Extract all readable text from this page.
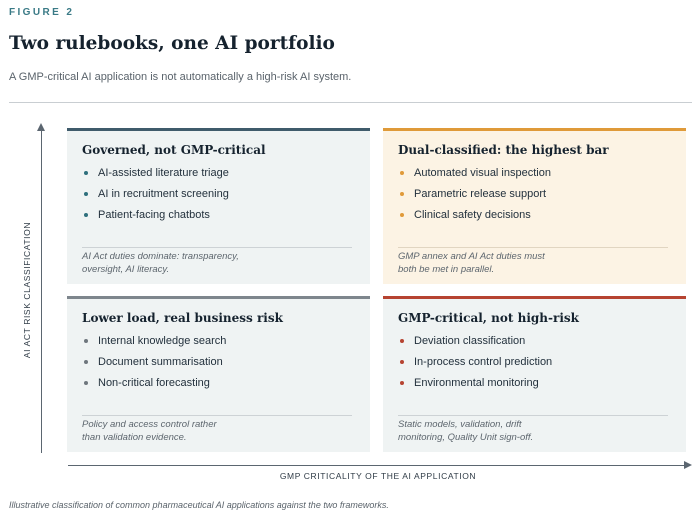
FIGURE 2
Two rulebooks, one AI portfolio
A GMP-critical AI application is not automatically a high-risk AI system.
AI ACT RISK CLASSIFICATION
Governed, not GMP-critical
AI-assisted literature triage
AI in recruitment screening
Patient-facing chatbots
AI Act duties dominate: transparency,
oversight, AI literacy.
Dual-classified: the highest bar
Automated visual inspection
Parametric release support
Clinical safety decisions
GMP annex and AI Act duties must
both be met in parallel.
Lower load, real business risk
Internal knowledge search
Document summarisation
Non-critical forecasting
Policy and access control rather
than validation evidence.
GMP-critical, not high-risk
Deviation classification
In-process control prediction
Environmental monitoring
Static models, validation, drift
monitoring, Quality Unit sign-off.
GMP CRITICALITY OF THE AI APPLICATION
Illustrative classification of common pharmaceutical AI applications against the two frameworks.
